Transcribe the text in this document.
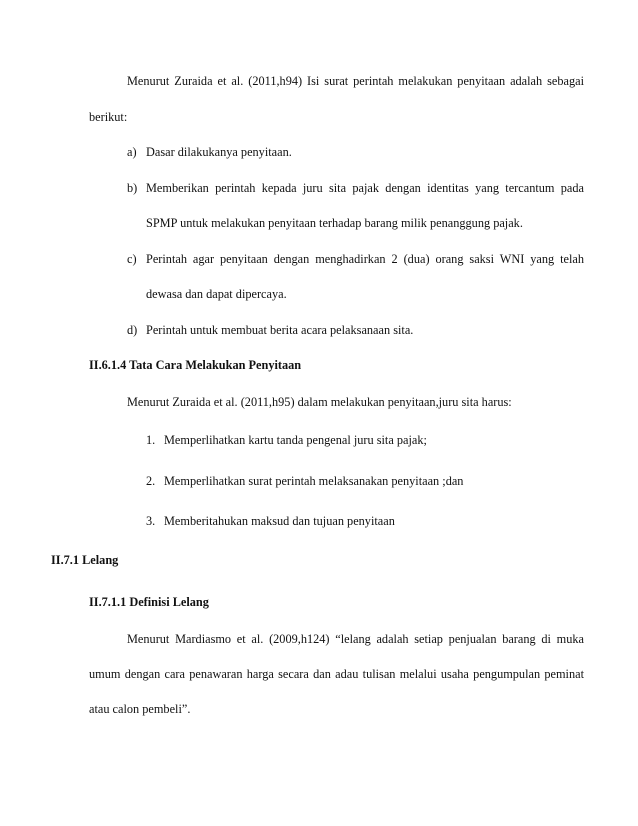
Menurut Zuraida et al. (2011,h94) Isi surat perintah melakukan penyitaan adalah sebagai
berikut:
a) Dasar dilakukanya penyitaan.
b) Memberikan perintah kepada juru sita pajak dengan identitas yang tercantum pada
SPMP untuk melakukan penyitaan terhadap barang milik penanggung pajak.
c) Perintah agar penyitaan dengan menghadirkan 2 (dua) orang saksi WNI yang telah
dewasa dan dapat dipercaya.
d) Perintah untuk membuat berita acara pelaksanaan sita.
II.6.1.4 Tata Cara Melakukan Penyitaan
Menurut Zuraida et al. (2011,h95) dalam melakukan penyitaan,juru sita harus:
1. Memperlihatkan kartu tanda pengenal juru sita pajak;
2. Memperlihatkan surat perintah melaksanakan penyitaan ;dan
3. Memberitahukan maksud dan tujuan penyitaan
II.7.1 Lelang
II.7.1.1 Definisi Lelang
Menurut Mardiasmo et al. (2009,h124) “lelang adalah setiap penjualan barang di muka
umum dengan cara penawaran harga secara dan adau tulisan melalui usaha pengumpulan peminat
atau calon pembeli”.
